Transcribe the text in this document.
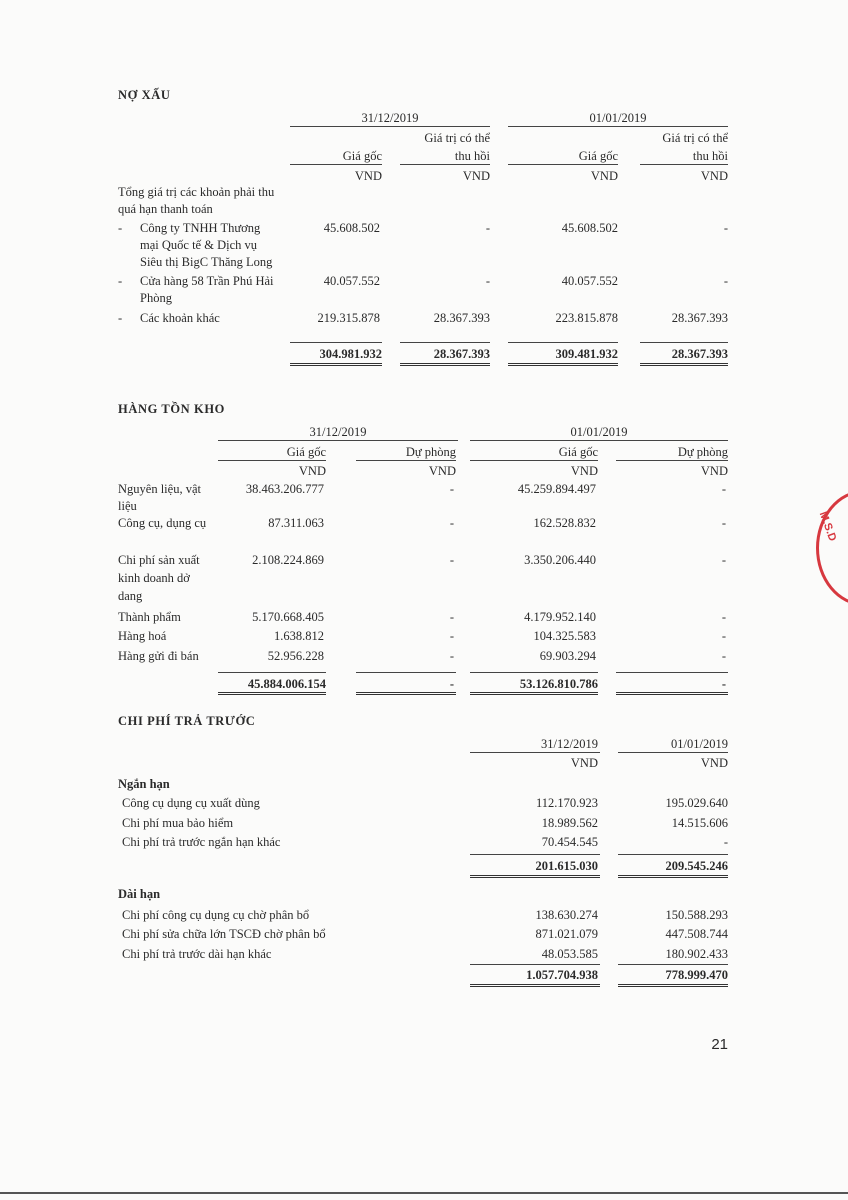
NỢ XẤU
31/12/2019	01/01/2019
Giá trị có thể	Giá trị có thể
Giá gốc	thu hồi	Giá gốc	thu hồi
VND	VND	VND	VND
Tổng giá trị các khoản phải thu
quá hạn thanh toán
- Công ty TNHH Thương
mại Quốc tế & Dịch vụ
Siêu thị BigC Thăng Long
45.608.502	-	45.608.502	-
- Cửa hàng 58 Trần Phú Hải
Phòng
40.057.552	-	40.057.552	-
- Các khoản khác	219.315.878	28.367.393	223.815.878	28.367.393
304.981.932	28.367.393	309.481.932	28.367.393
HÀNG TỒN KHO
31/12/2019	01/01/2019
Giá gốc	Dự phòng	Giá gốc	Dự phòng
VND	VND	VND	VND
Nguyên liệu, vật
liệu
38.463.206.777	-	45.259.894.497	-
Công cụ, dụng cụ	87.311.063	-	162.528.832	-
Chi phí sản xuất
kinh doanh dở
dang
2.108.224.869	-	3.350.206.440	-
Thành phẩm	5.170.668.405	-	4.179.952.140	-
Hàng hoá	1.638.812	-	104.325.583	-
Hàng gửi đi bán	52.956.228	-	69.903.294	-
45.884.006.154	-	53.126.810.786	-
CHI PHÍ TRẢ TRƯỚC
31/12/2019	01/01/2019
VND	VND
Ngắn hạn
Công cụ dụng cụ xuất dùng	112.170.923	195.029.640
Chi phí mua bảo hiểm	18.989.562	14.515.606
Chi phí trả trước ngắn hạn khác	70.454.545	-
201.615.030	209.545.246
Dài hạn
Chi phí công cụ dụng cụ chờ phân bổ	138.630.274	150.588.293
Chi phí sửa chữa lớn TSCĐ chờ phân bổ	871.021.079	447.508.744
Chi phí trả trước dài hạn khác	48.053.585	180.902.433
1.057.704.938	778.999.470
21
M.S.D
